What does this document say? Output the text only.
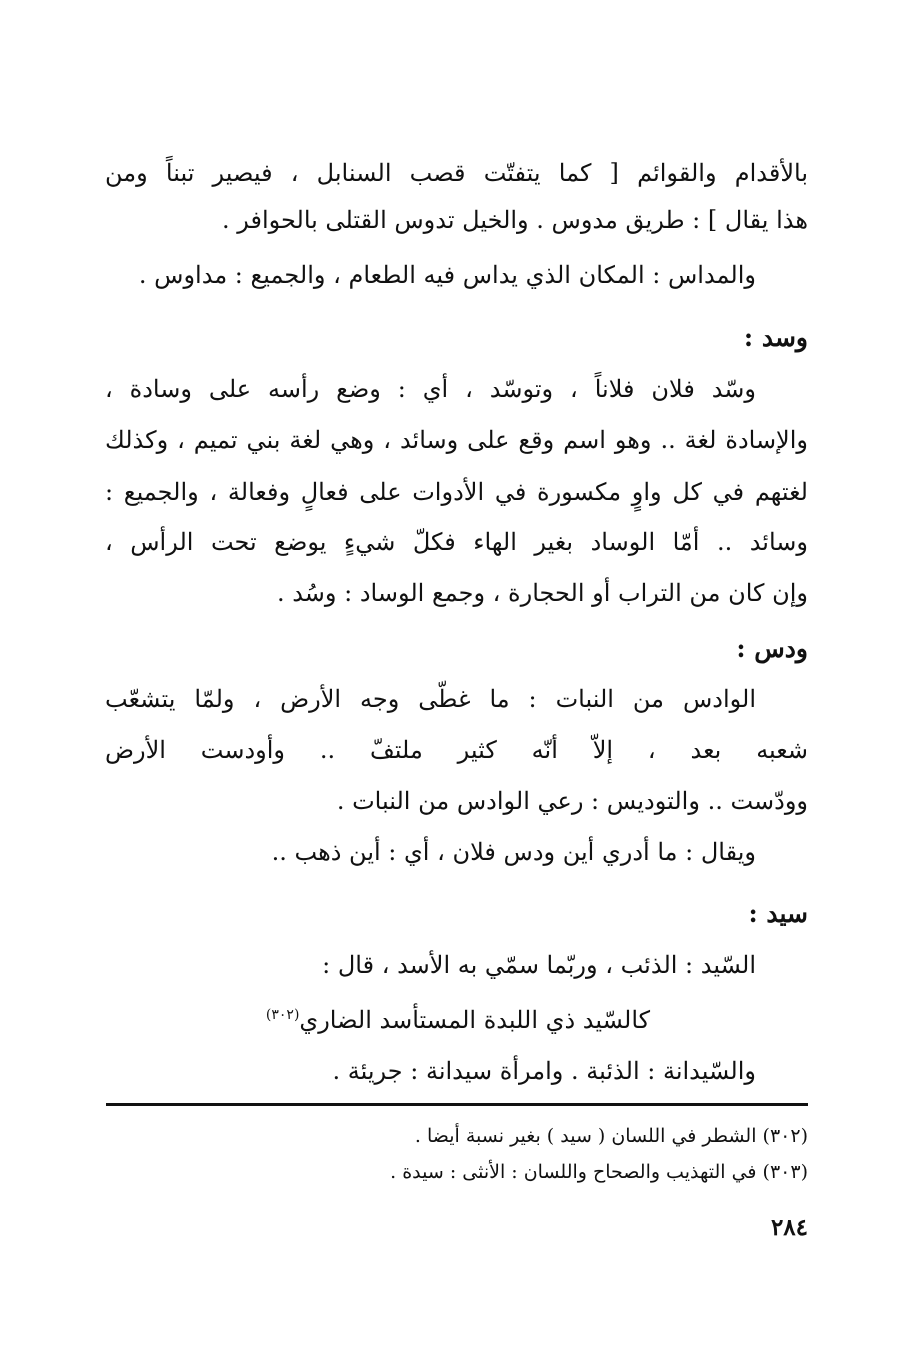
بالأقدام والقوائم [ كما يتفتّت قصب السنابل ، فيصير تبناً ومن
هذا يقال ] : طريق مدوس . والخيل تدوس القتلى بالحوافر .
والمداس : المكان الذي يداس فيه الطعام ، والجميع : مداوس .
وسد :
وسّد فلان فلاناً ، وتوسّد ، أي : وضع رأسه على وسادة ،
والإسادة لغة .. وهو اسم وقع على وسائد ، وهي لغة بني تميم ، وكذلك
لغتهم في كل واوٍ مكسورة في الأدوات على فعالٍ وفعالة ، والجميع :
وسائد .. أمّا الوساد بغير الهاء فكلّ شيءٍ يوضع تحت الرأس ،
وإن كان من التراب أو الحجارة ، وجمع الوساد : وسُد .
ودس :
الوادس من النبات : ما غطّى وجه الأرض ، ولمّا يتشعّب
شعبه بعد ، إلاّ أنّه كثير ملتفّ .. وأودست الأرض
وودّست .. والتوديس : رعي الوادس من النبات .
ويقال : ما أدري أين ودس فلان ، أي : أين ذهب ..
سيد :
السّيد : الذئب ، وربّما سمّي به الأسد ، قال :
كالسّيد ذي اللبدة المستأسد الضاري$^{(٣٠٢)}$
والسّيدانة : الذئبة . وامرأة سيدانة : جريئة .
(٣٠٢) الشطر في اللسان ( سيد ) بغير نسبة أيضا .
(٣٠٣) في التهذيب والصحاح واللسان : الأنثى : سيدة .
٢٨٤
